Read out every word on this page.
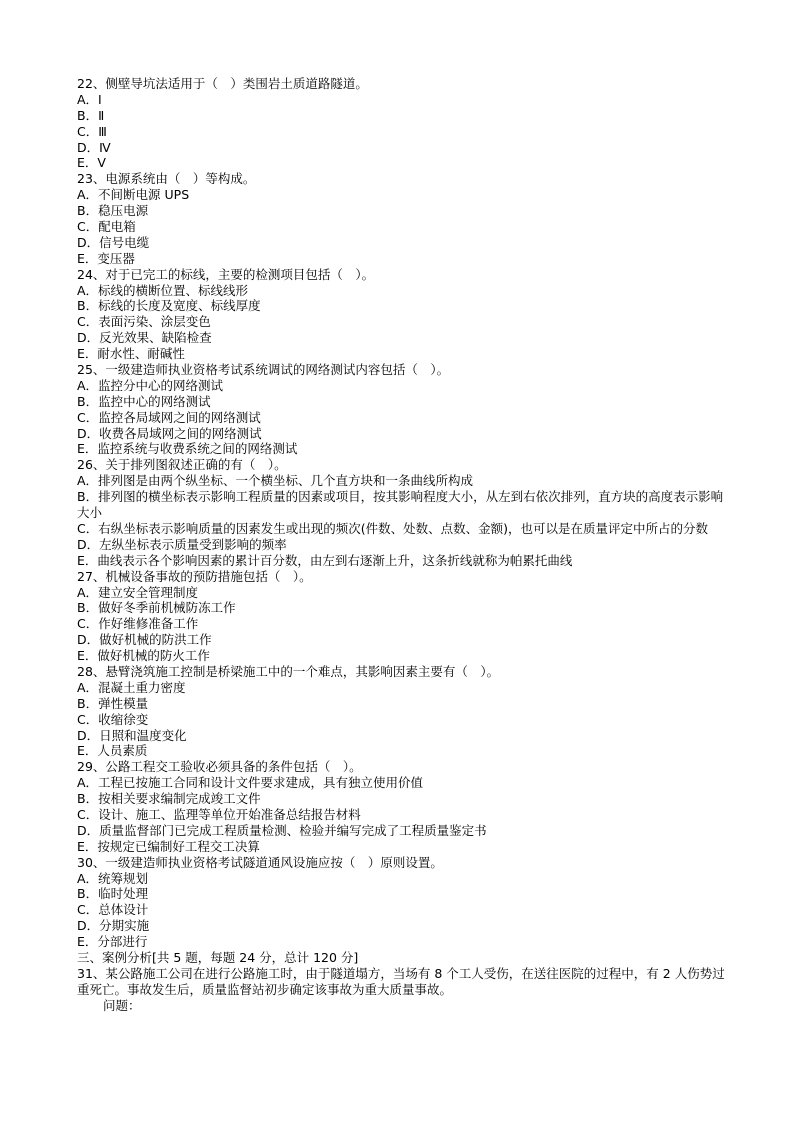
22、侧壁导坑法适用于（　）类围岩土质道路隧道。
A．Ⅰ
B．Ⅱ
C．Ⅲ
D．Ⅳ
E．Ⅴ
23、电源系统由（　）等构成。
A．不间断电源 UPS
B．稳压电源
C．配电箱
D．信号电缆
E．变压器
24、对于已完工的标线，主要的检测项目包括（　）。
A．标线的横断位置、标线线形
B．标线的长度及宽度、标线厚度
C．表面污染、涂层变色
D．反光效果、缺陷检查
E．耐水性、耐碱性
25、一级建造师执业资格考试系统调试的网络测试内容包括（　）。
A．监控分中心的网络测试
B．监控中心的网络测试
C．监控各局域网之间的网络测试
D．收费各局域网之间的网络测试
E．监控系统与收费系统之间的网络测试
26、关于排列图叙述正确的有（　）。
A．排列图是由两个纵坐标、一个横坐标、几个直方块和一条曲线所构成
B．排列图的横坐标表示影响工程质量的因素或项目，按其影响程度大小，从左到右依次排列，直方块的高度表示影响大小
C．右纵坐标表示影响质量的因素发生或出现的频次(件数、处数、点数、金额)，也可以是在质量评定中所占的分数
D．左纵坐标表示质量受到影响的频率
E．曲线表示各个影响因素的累计百分数，由左到右逐渐上升，这条折线就称为帕累托曲线
27、机械设备事故的预防措施包括（　）。
A．建立安全管理制度
B．做好冬季前机械防冻工作
C．作好维修准备工作
D．做好机械的防洪工作
E．做好机械的防火工作
28、悬臂浇筑施工控制是桥梁施工中的一个难点，其影响因素主要有（　）。
A．混凝土重力密度
B．弹性模量
C．收缩徐变
D．日照和温度变化
E．人员素质
29、公路工程交工验收必须具备的条件包括（　）。
A．工程已按施工合同和设计文件要求建成，具有独立使用价值
B．按相关要求编制完成竣工文件
C．设计、施工、监理等单位开始准备总结报告材料
D．质量监督部门已完成工程质量检测、检验并编写完成了工程质量鉴定书
E．按规定已编制好工程交工决算
30、一级建造师执业资格考试隧道通风设施应按（　）原则设置。
A．统筹规划
B．临时处理
C．总体设计
D．分期实施
E．分部进行
三、案例分析[共 5 题，每题 24 分，总计 120 分]
31、某公路施工公司在进行公路施工时，由于隧道塌方，当场有 8 个工人受伤，在送往医院的过程中，有 2 人伤势过重死亡。事故发生后，质量监督站初步确定该事故为重大质量事故。
问题：
